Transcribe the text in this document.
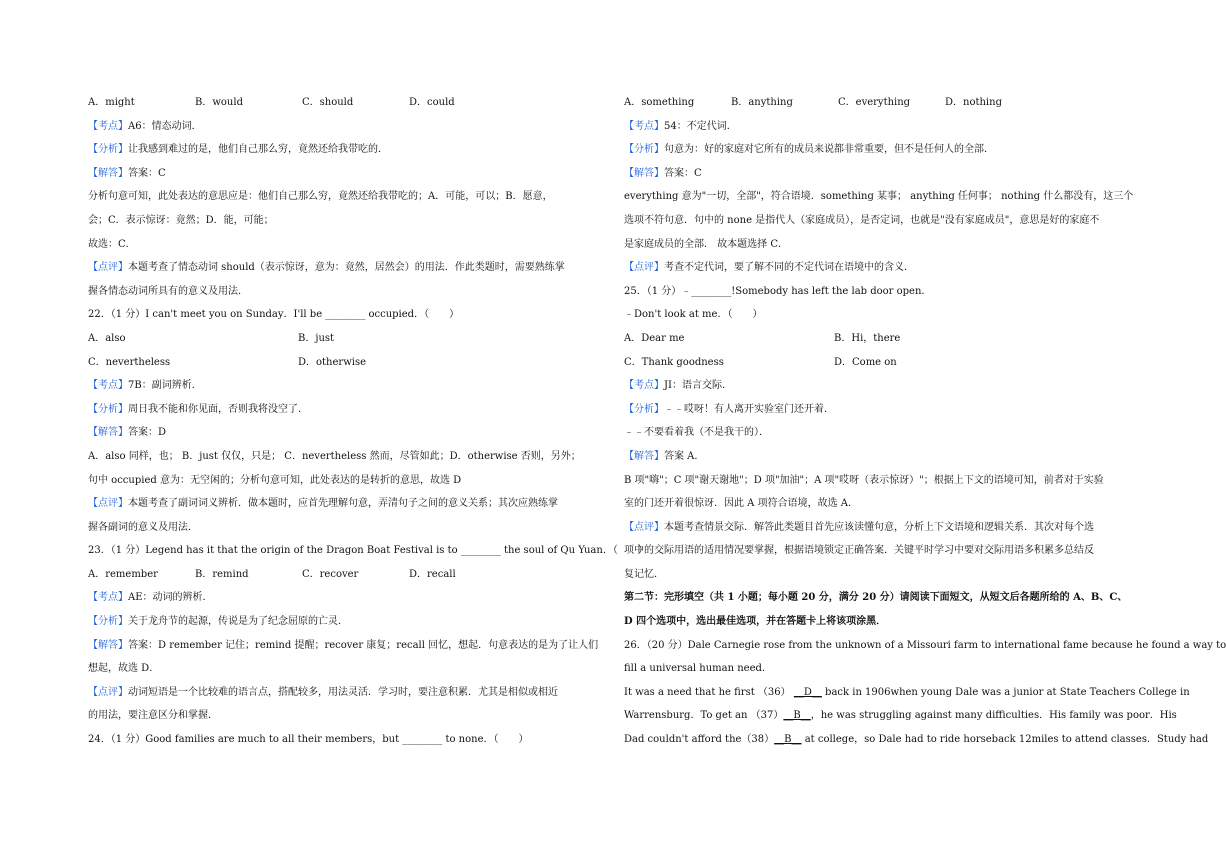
A．might	B．would	C．should	D．could
【考点】A6：情态动词．
【分析】让我感到难过的是，他们自己那么穷，竟然还给我带吃的．
【解答】答案：C
分析句意可知，此处表达的意思应是：他们自己那么穷，竟然还给我带吃的；A．可能，可以；B．愿意，
会；C．表示惊讶：竟然；D．能，可能；
故选：C．
【点评】本题考查了情态动词 should（表示惊讶，意为：竟然，居然会）的用法．作此类题时，需要熟练掌
握各情态动词所具有的意义及用法．
22．（1 分）I can't meet you on Sunday．I'll be ________ occupied．（　　）
A．also	B．just
C．nevertheless	D．otherwise
【考点】7B：副词辨析．
【分析】周日我不能和你见面，否则我将没空了．
【解答】答案：D
A．also 同样，也； B．just 仅仅，只是； C．nevertheless 然而，尽管如此；D．otherwise 否则，另外；
句中 occupied 意为：无空闲的；分析句意可知，此处表达的是转折的意思，故选 D
【点评】本题考查了副词词义辨析．做本题时，应首先理解句意，弄清句子之间的意义关系；其次应熟练掌
握各副词的意义及用法．
23．（1 分）Legend has it that the origin of the Dragon Boat Festival is to ________ the soul of Qu Yuan．（　　）
A．remember	B．remind	C．recover	D．recall
【考点】AE：动词的辨析．
【分析】关于龙舟节的起源，传说是为了纪念屈原的亡灵．
【解答】答案：D remember 记住；remind 提醒；recover 康复；recall 回忆，想起．句意表达的是为了让人们
想起，故选 D．
【点评】动词短语是一个比较难的语言点，搭配较多，用法灵活．学习时，要注意积累．尤其是相似或相近
的用法，要注意区分和掌握．
24．（1 分）Good families are much to all their members，but ________ to none．（　　）
A．something	B．anything	C．everything	D．nothing
【考点】54：不定代词．
【分析】句意为：好的家庭对它所有的成员来说都非常重要，但不是任何人的全部．
【解答】答案：C
everything 意为"一切，全部"，符合语境．something 某事； anything 任何事； nothing 什么都没有，这三个
选项不符句意．句中的 none 是指代人（家庭成员），是否定词，也就是"没有家庭成员"，意思是好的家庭不
是家庭成员的全部． 故本题选择 C．
【点评】考查不定代词，要了解不同的不定代词在语境中的含义．
25．（1 分）﹣________!Somebody has left the lab door open．
﹣Don't look at me．（　　）
A．Dear me	B．Hi，there
C．Thank goodness	D．Come on
【考点】JI：语言交际．
【分析】﹣﹣哎呀！有人离开实验室门还开着．
﹣﹣不要看着我（不是我干的）．
【解答】答案 A．
B 项"嗨"；C 项"谢天谢地"；D 项"加油"；A 项"哎呀（表示惊讶）"；根据上下文的语境可知，前者对于实验
室的门还开着很惊讶．因此 A 项符合语境，故选 A．
【点评】本题考查情景交际．解答此类题目首先应该读懂句意，分析上下文语境和逻辑关系．其次对每个选
项中的交际用语的适用情况要掌握，根据语境锁定正确答案．关键平时学习中要对交际用语多积累多总结反
复记忆．
第二节：完形填空（共 1 小题；每小题 20 分，满分 20 分）请阅读下面短文，从短文后各题所给的 A、B、C、
D 四个选项中，选出最佳选项，并在答题卡上将该项涂黑．
26．（20 分）Dale Carnegie rose from the unknown of a Missouri farm to international fame because he found a way to
fill a universal human need．
It was a need that he first （36） __D__ back in 1906when young Dale was a junior at State Teachers College in
Warrensburg．To get an （37）__B__，he was struggling against many difficulties．His family was poor．His
Dad couldn't afford the（38）__B__ at college，so Dale had to ride horseback 12miles to attend classes．Study had
